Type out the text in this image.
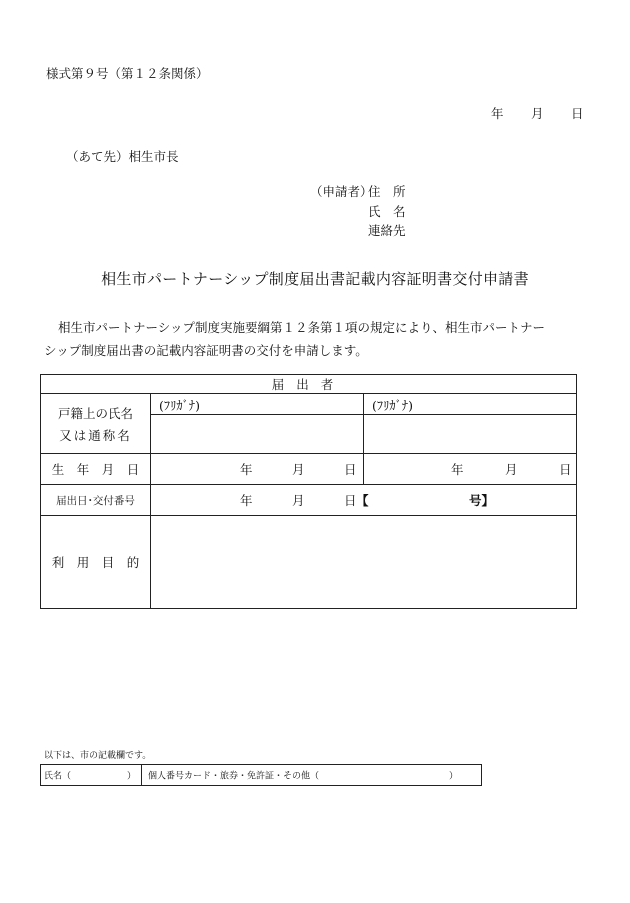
様式第９号（第１２条関係）
年 月 日
（あて先）相生市長
（申請者）
住　所
氏　名
連絡先
相生市パートナーシップ制度届出書記載内容証明書交付申請書
相生市パートナーシップ制度実施要綱第１２条第１項の規定により、相生市パートナー
シップ制度届出書の記載内容証明書の交付を申請します。
届出者		

戸籍上の氏名
又は通称名	(ﾌﾘｶﾞﾅ)	(ﾌﾘｶﾞﾅ)

生　年　月　日	年 月 日	年 月 日

届出日･交付番号	年 月 日 【 号】	

利　用　目　的		
以下は、市の記載欄です。
氏名（	）	個人番号カード・旅券・免許証・その他（	）
